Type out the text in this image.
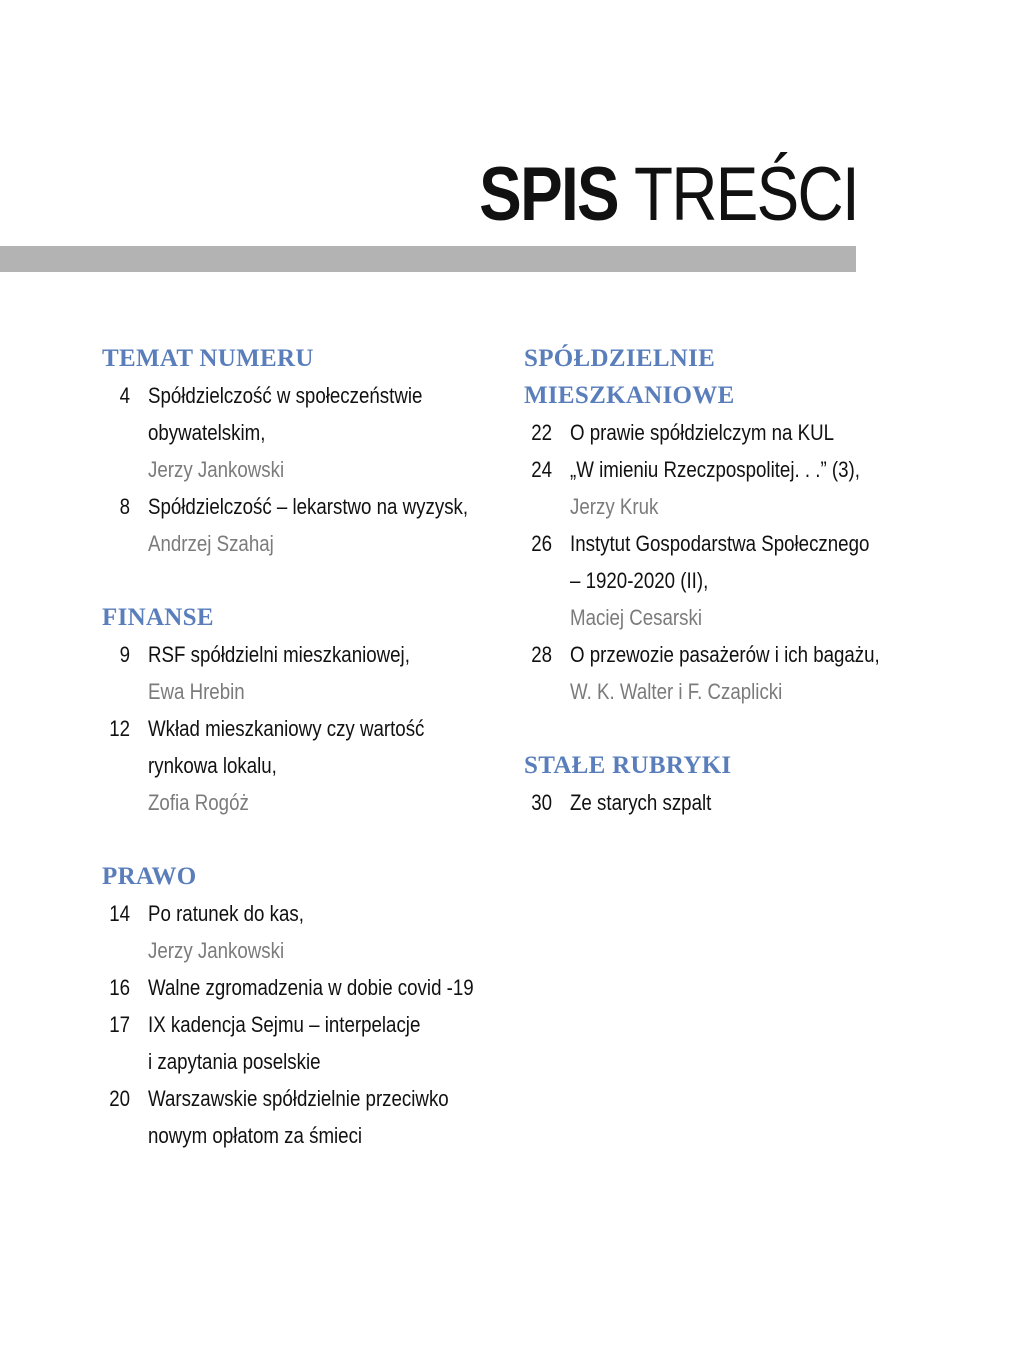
SPIS TREŚCI
TEMAT NUMERU
4 Spółdzielczość w społeczeństwie
obywatelskim,
Jerzy Jankowski
8 Spółdzielczość – lekarstwo na wyzysk,
Andrzej Szahaj
FINANSE
9 RSF spółdzielni mieszkaniowej,
Ewa Hrebin
12 Wkład mieszkaniowy czy wartość
rynkowa lokalu,
Zofia Rogóż
PRAWO
14 Po ratunek do kas,
Jerzy Jankowski
16 Walne zgromadzenia w dobie covid -19
17 IX kadencja Sejmu – interpelacje
i zapytania poselskie
20 Warszawskie spółdzielnie przeciwko
nowym opłatom za śmieci
SPÓŁDZIELNIE
MIESZKANIOWE
22 O prawie spółdzielczym na KUL
24 „W imieniu Rzeczpospolitej. . .” (3),
Jerzy Kruk
26 Instytut Gospodarstwa Społecznego
– 1920-2020 (II),
Maciej Cesarski
28 O przewozie pasażerów i ich bagażu,
W. K. Walter i F. Czaplicki
STAŁE RUBRYKI
30 Ze starych szpalt
